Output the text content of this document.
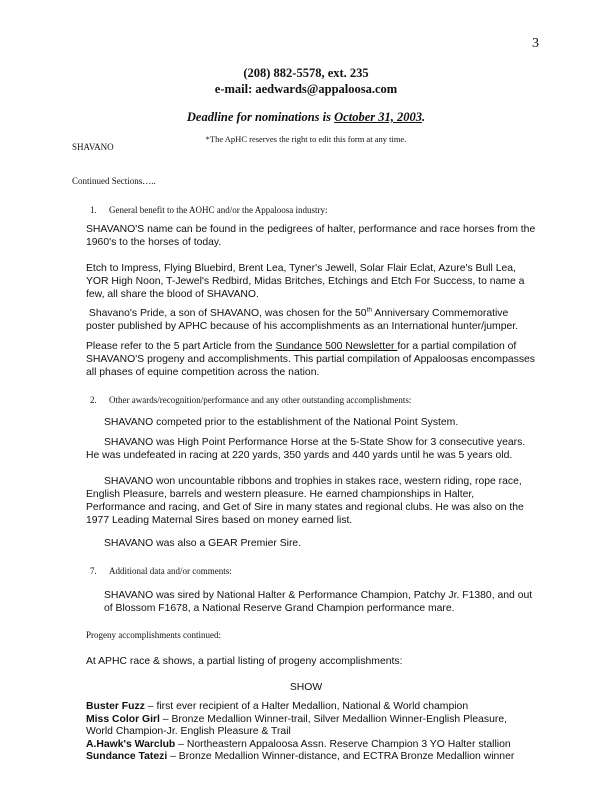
3
(208) 882-5578, ext. 235
e-mail: aedwards@appaloosa.com
Deadline for nominations is October 31, 2003.
*The ApHC reserves the right to edit this form at any time.
SHAVANO
Continued Sections…..
1. General benefit to the AOHC and/or the Appaloosa industry:
SHAVANO'S name can be found in the pedigrees of halter, performance and race horses from the 1960's to the horses of today.
Etch to Impress, Flying Bluebird, Brent Lea, Tyner's Jewell, Solar Flair Eclat, Azure's Bull Lea, YOR High Noon, T-Jewel's Redbird, Midas Britches, Etchings and Etch For Success, to name a few, all share the blood of SHAVANO.
Shavano's Pride, a son of SHAVANO, was chosen for the 50th Anniversary Commemorative poster published by APHC because of his accomplishments as an International hunter/jumper.
Please refer to the 5 part Article from the Sundance 500 Newsletter for a partial compilation of SHAVANO'S progeny and accomplishments. This partial compilation of Appaloosas encompasses all phases of equine competition across the nation.
2. Other awards/recognition/performance and any other outstanding accomplishments:
SHAVANO competed prior to the establishment of the National Point System.
SHAVANO was High Point Performance Horse at the 5-State Show for 3 consecutive years. He was undefeated in racing at 220 yards, 350 yards and 440 yards until he was 5 years old.
SHAVANO won uncountable ribbons and trophies in stakes race, western riding, rope race, English Pleasure, barrels and western pleasure. He earned championships in Halter, Performance and racing, and Get of Sire in many states and regional clubs. He was also on the 1977 Leading Maternal Sires based on money earned list.
SHAVANO was also a GEAR Premier Sire.
7. Additional data and/or comments:
SHAVANO was sired by National Halter & Performance Champion, Patchy Jr. F1380, and out of Blossom F1678, a National Reserve Grand Champion performance mare.
Progeny accomplishments continued:
At APHC race & shows, a partial listing of progeny accomplishments:
SHOW
Buster Fuzz – first ever recipient of a Halter Medallion, National & World champion
Miss Color Girl – Bronze Medallion Winner-trail, Silver Medallion Winner-English Pleasure, World Champion-Jr. English Pleasure & Trail
A.Hawk's Warclub – Northeastern Appaloosa Assn. Reserve Champion 3 YO Halter stallion
Sundance Tatezi – Bronze Medallion Winner-distance, and ECTRA Bronze Medallion winner
